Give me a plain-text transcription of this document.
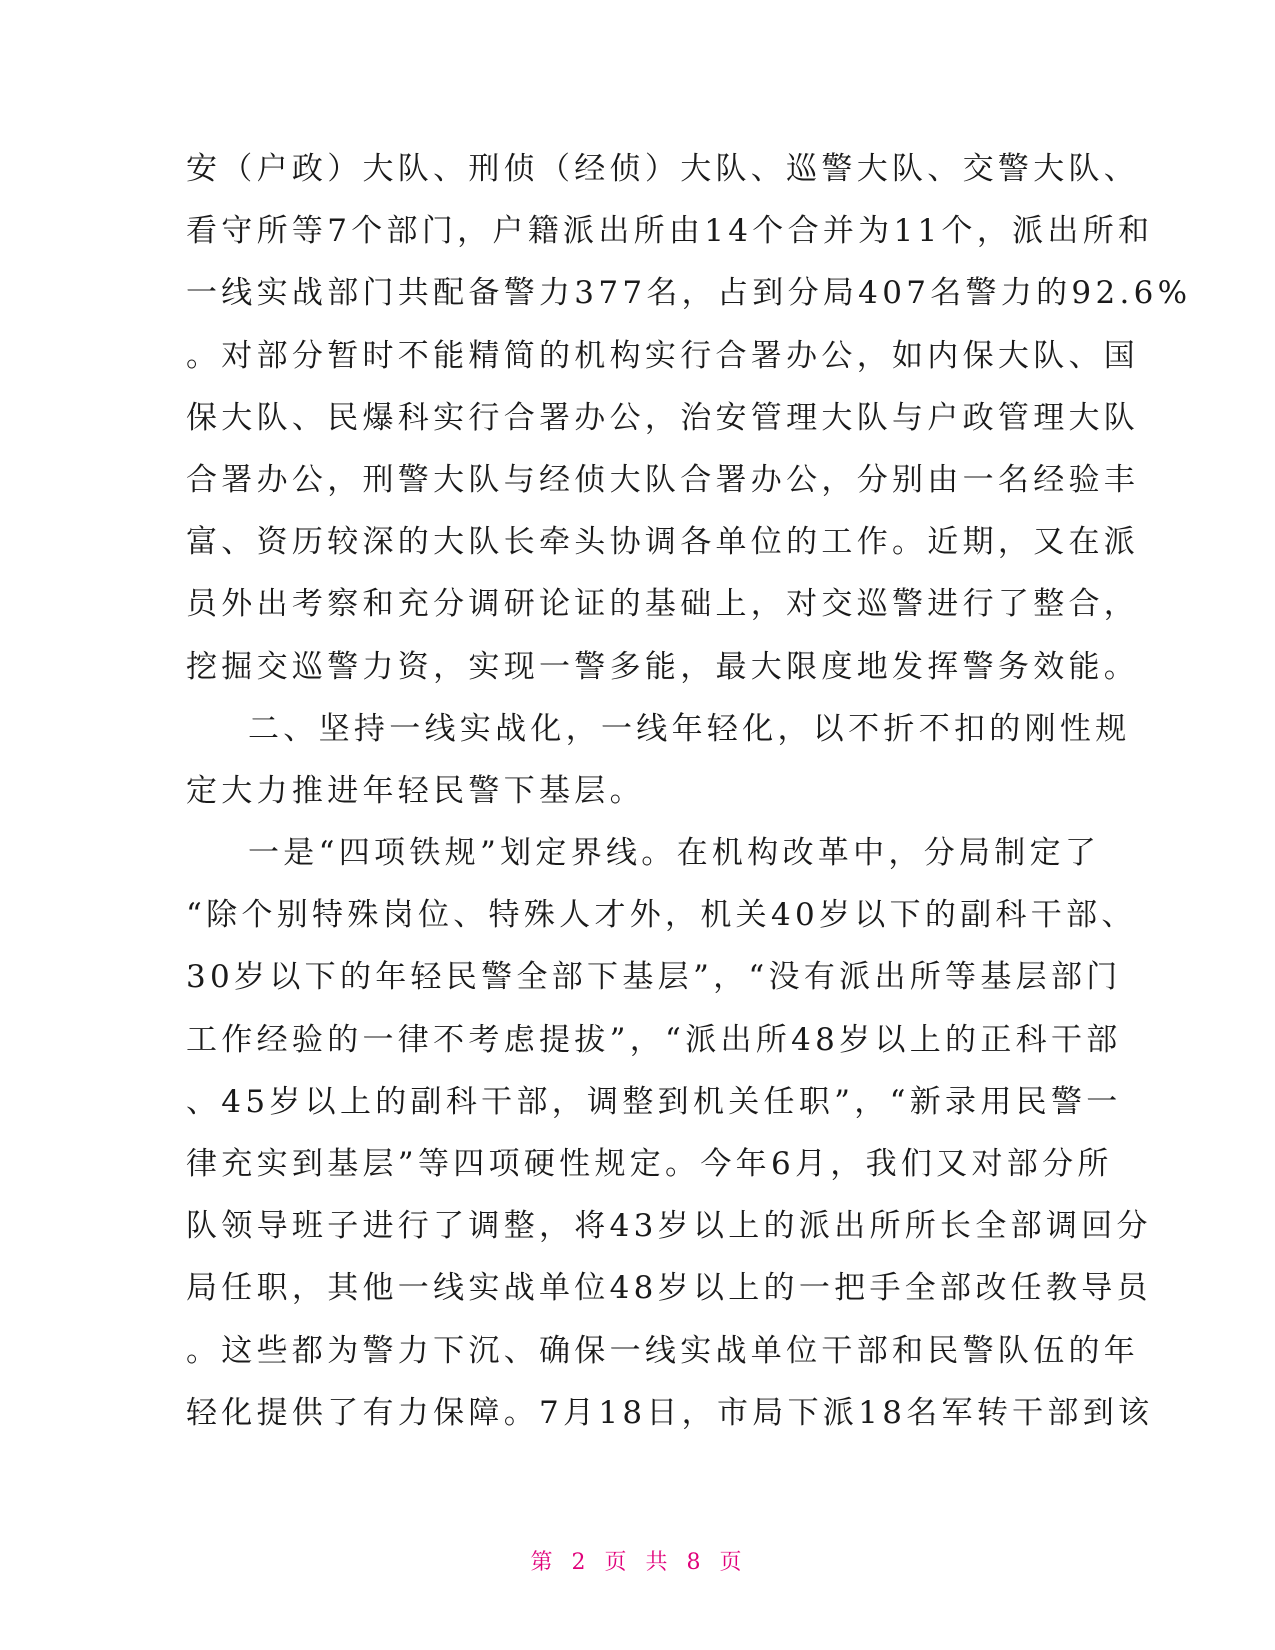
安（户政）大队、刑侦（经侦）大队、巡警大队、交警大队、
看守所等7个部门，户籍派出所由14个合并为11个，派出所和
一线实战部门共配备警力377名，占到分局407名警力的92.6%
。对部分暂时不能精简的机构实行合署办公，如内保大队、国
保大队、民爆科实行合署办公，治安管理大队与户政管理大队
合署办公，刑警大队与经侦大队合署办公，分别由一名经验丰
富、资历较深的大队长牵头协调各单位的工作。近期，又在派
员外出考察和充分调研论证的基础上，对交巡警进行了整合，
挖掘交巡警力资，实现一警多能，最大限度地发挥警务效能。
二、坚持一线实战化，一线年轻化，以不折不扣的刚性规
定大力推进年轻民警下基层。
一是“四项铁规”划定界线。在机构改革中，分局制定了
“除个别特殊岗位、特殊人才外，机关40岁以下的副科干部、
30岁以下的年轻民警全部下基层”，“没有派出所等基层部门
工作经验的一律不考虑提拔”，“派出所48岁以上的正科干部
、45岁以上的副科干部，调整到机关任职”，“新录用民警一
律充实到基层”等四项硬性规定。今年6月，我们又对部分所
队领导班子进行了调整，将43岁以上的派出所所长全部调回分
局任职，其他一线实战单位48岁以上的一把手全部改任教导员
。这些都为警力下沉、确保一线实战单位干部和民警队伍的年
轻化提供了有力保障。7月18日，市局下派18名军转干部到该
第 2 页 共 8 页
